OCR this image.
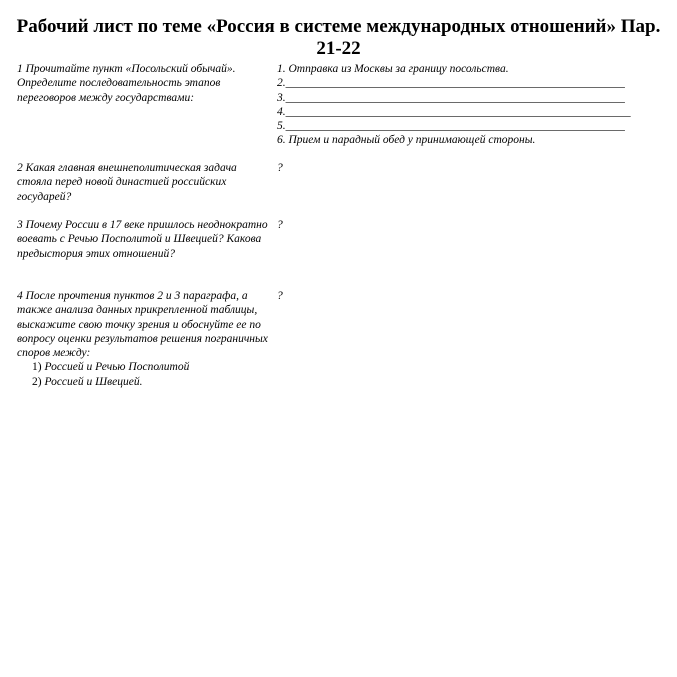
Рабочий лист по теме «Россия в системе международных отношений» Пар. 21-22
1 Прочитайте пункт «Посольский обычай». Определите последовательность этапов переговоров между государствами:
1. Отправка из Москвы за границу посольства.
2.___________________________________________________________
3.___________________________________________________________
4.____________________________________________________________
5.___________________________________________________________
6. Прием и парадный обед у принимающей стороны.
2 Какая главная внешнеполитическая задача стояла перед новой династией российских государей?
?
3 Почему России в 17 веке пришлось неоднократно воевать с Речью Посполитой и Швецией? Какова предыстория этих отношений?
?
4 После прочтения пунктов 2 и 3 параграфа, а также анализа данных прикрепленной таблицы, выскажите свою точку зрения и обоснуйте ее по вопросу оценки результатов решения пограничных споров между:
1) Россией и Речью Посполитой
2) Россией и Швецией.
?
